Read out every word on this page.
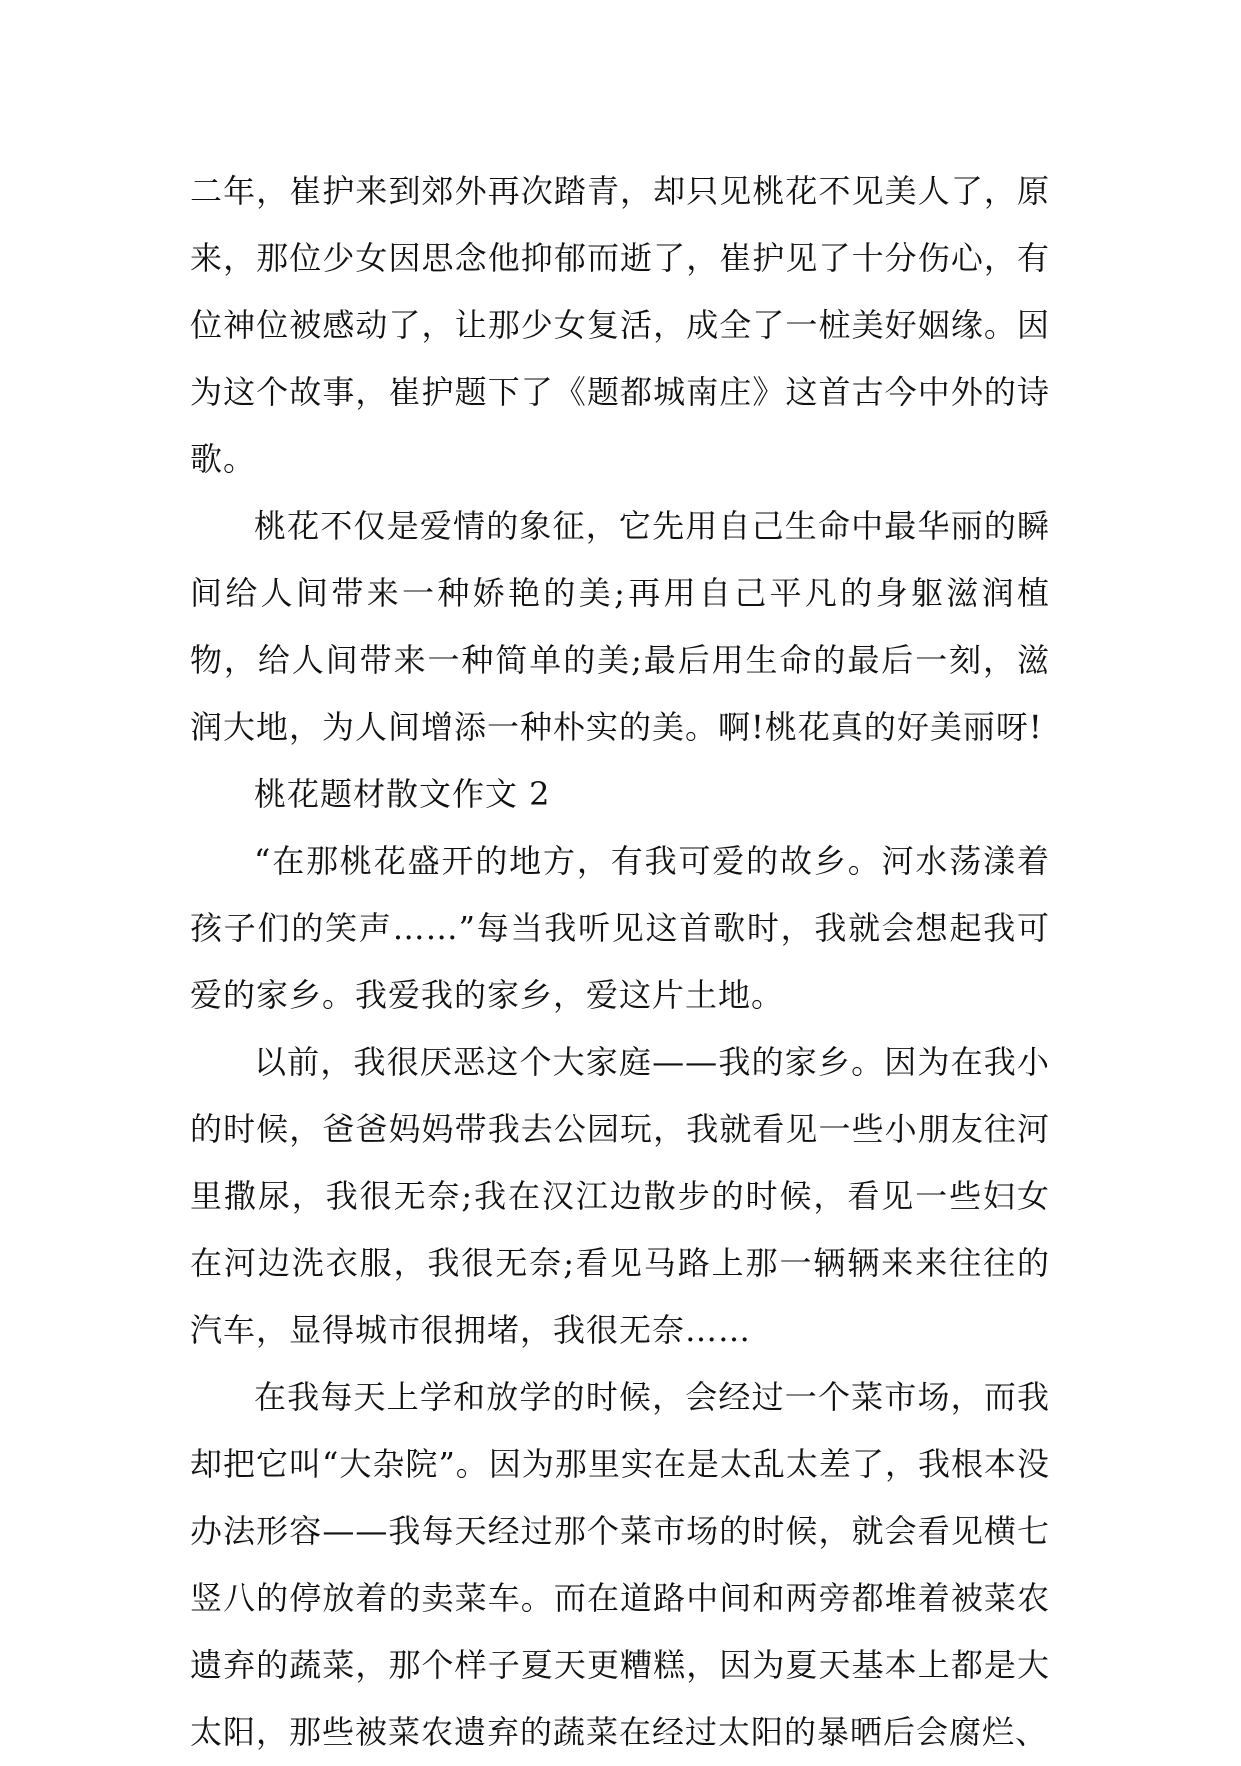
二年，崔护来到郊外再次踏青，却只见桃花不见美人了，原来，那位少女因思念他抑郁而逝了，崔护见了十分伤心，有位神位被感动了，让那少女复活，成全了一桩美好姻缘。因为这个故事，崔护题下了《题都城南庄》这首古今中外的诗歌。

桃花不仅是爱情的象征，它先用自己生命中最华丽的瞬间给人间带来一种娇艳的美;再用自己平凡的身躯滋润植物，给人间带来一种简单的美;最后用生命的最后一刻，滋润大地，为人间增添一种朴实的美。啊!桃花真的好美丽呀!

桃花题材散文作文 2

“在那桃花盛开的地方，有我可爱的故乡。河水荡漾着孩子们的笑声……”每当我听见这首歌时，我就会想起我可爱的家乡。我爱我的家乡，爱这片土地。

以前，我很厌恶这个大家庭——我的家乡。因为在我小的时候，爸爸妈妈带我去公园玩，我就看见一些小朋友往河里撒尿，我很无奈;我在汉江边散步的时候，看见一些妇女在河边洗衣服，我很无奈;看见马路上那一辆辆来来往往的汽车，显得城市很拥堵，我很无奈……

在我每天上学和放学的时候，会经过一个菜市场，而我却把它叫“大杂院”。因为那里实在是太乱太差了，我根本没办法形容——我每天经过那个菜市场的时候，就会看见横七竖八的停放着的卖菜车。而在道路中间和两旁都堆着被菜农遗弃的蔬菜，那个样子夏天更糟糕，因为夏天基本上都是大太阳，那些被菜农遗弃的蔬菜在经过太阳的暴晒后会腐烂、
